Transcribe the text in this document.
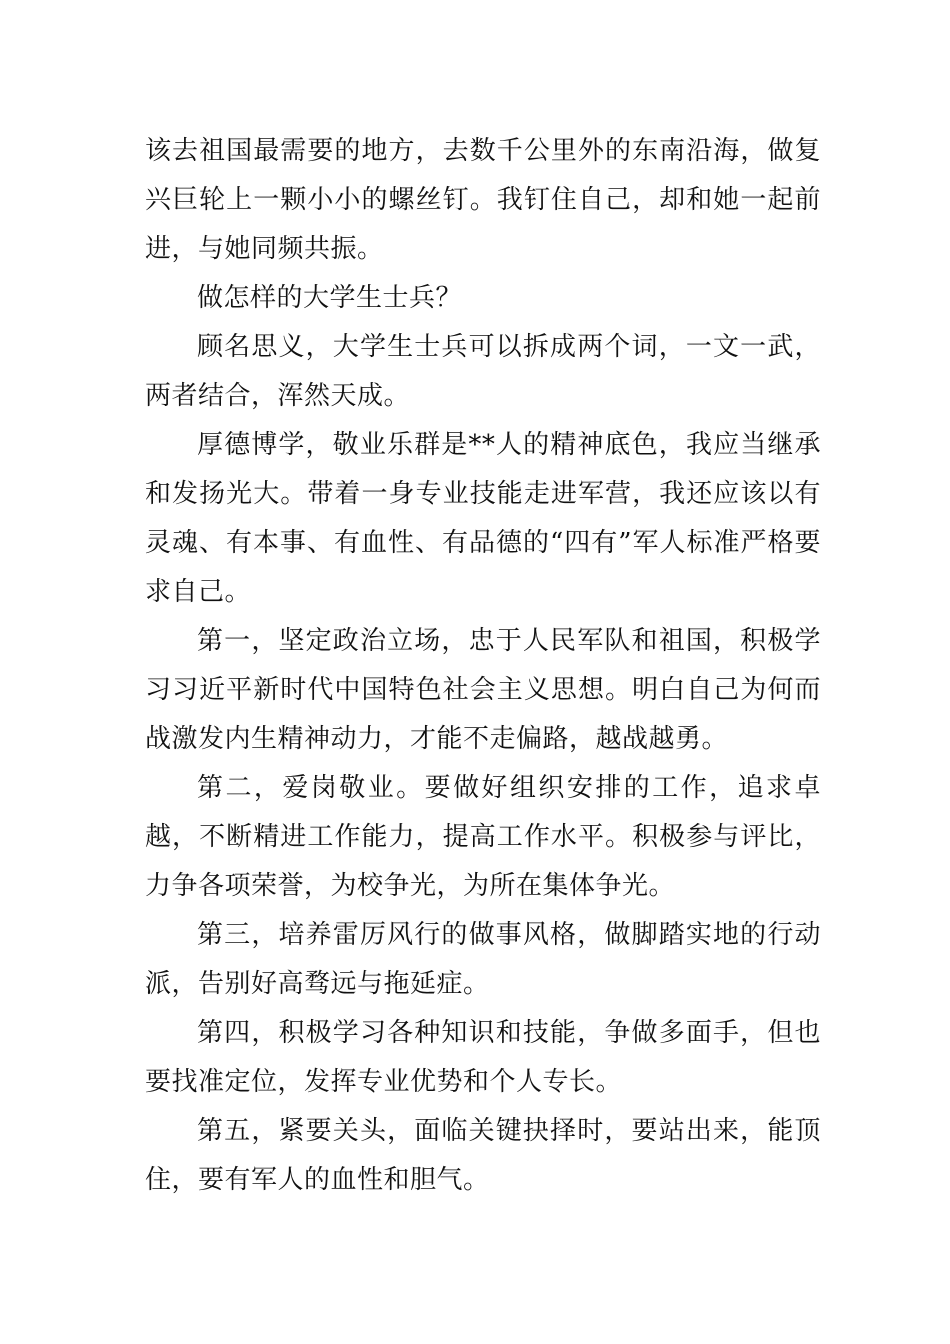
该去祖国最需要的地方，去数千公里外的东南沿海，做复兴巨轮上一颗小小的螺丝钉。我钉住自己，却和她一起前进，与她同频共振。

做怎样的大学生士兵？

顾名思义，大学生士兵可以拆成两个词，一文一武，两者结合，浑然天成。

厚德博学，敬业乐群是**人的精神底色，我应当继承和发扬光大。带着一身专业技能走进军营，我还应该以有灵魂、有本事、有血性、有品德的“四有”军人标准严格要求自己。

第一，坚定政治立场，忠于人民军队和祖国，积极学习习近平新时代中国特色社会主义思想。明白自己为何而战激发内生精神动力，才能不走偏路，越战越勇。

第二，爱岗敬业。要做好组织安排的工作，追求卓越，不断精进工作能力，提高工作水平。积极参与评比，力争各项荣誉，为校争光，为所在集体争光。

第三，培养雷厉风行的做事风格，做脚踏实地的行动派，告别好高骛远与拖延症。

第四，积极学习各种知识和技能，争做多面手，但也要找准定位，发挥专业优势和个人专长。

第五，紧要关头，面临关键抉择时，要站出来，能顶住，要有军人的血性和胆气。
